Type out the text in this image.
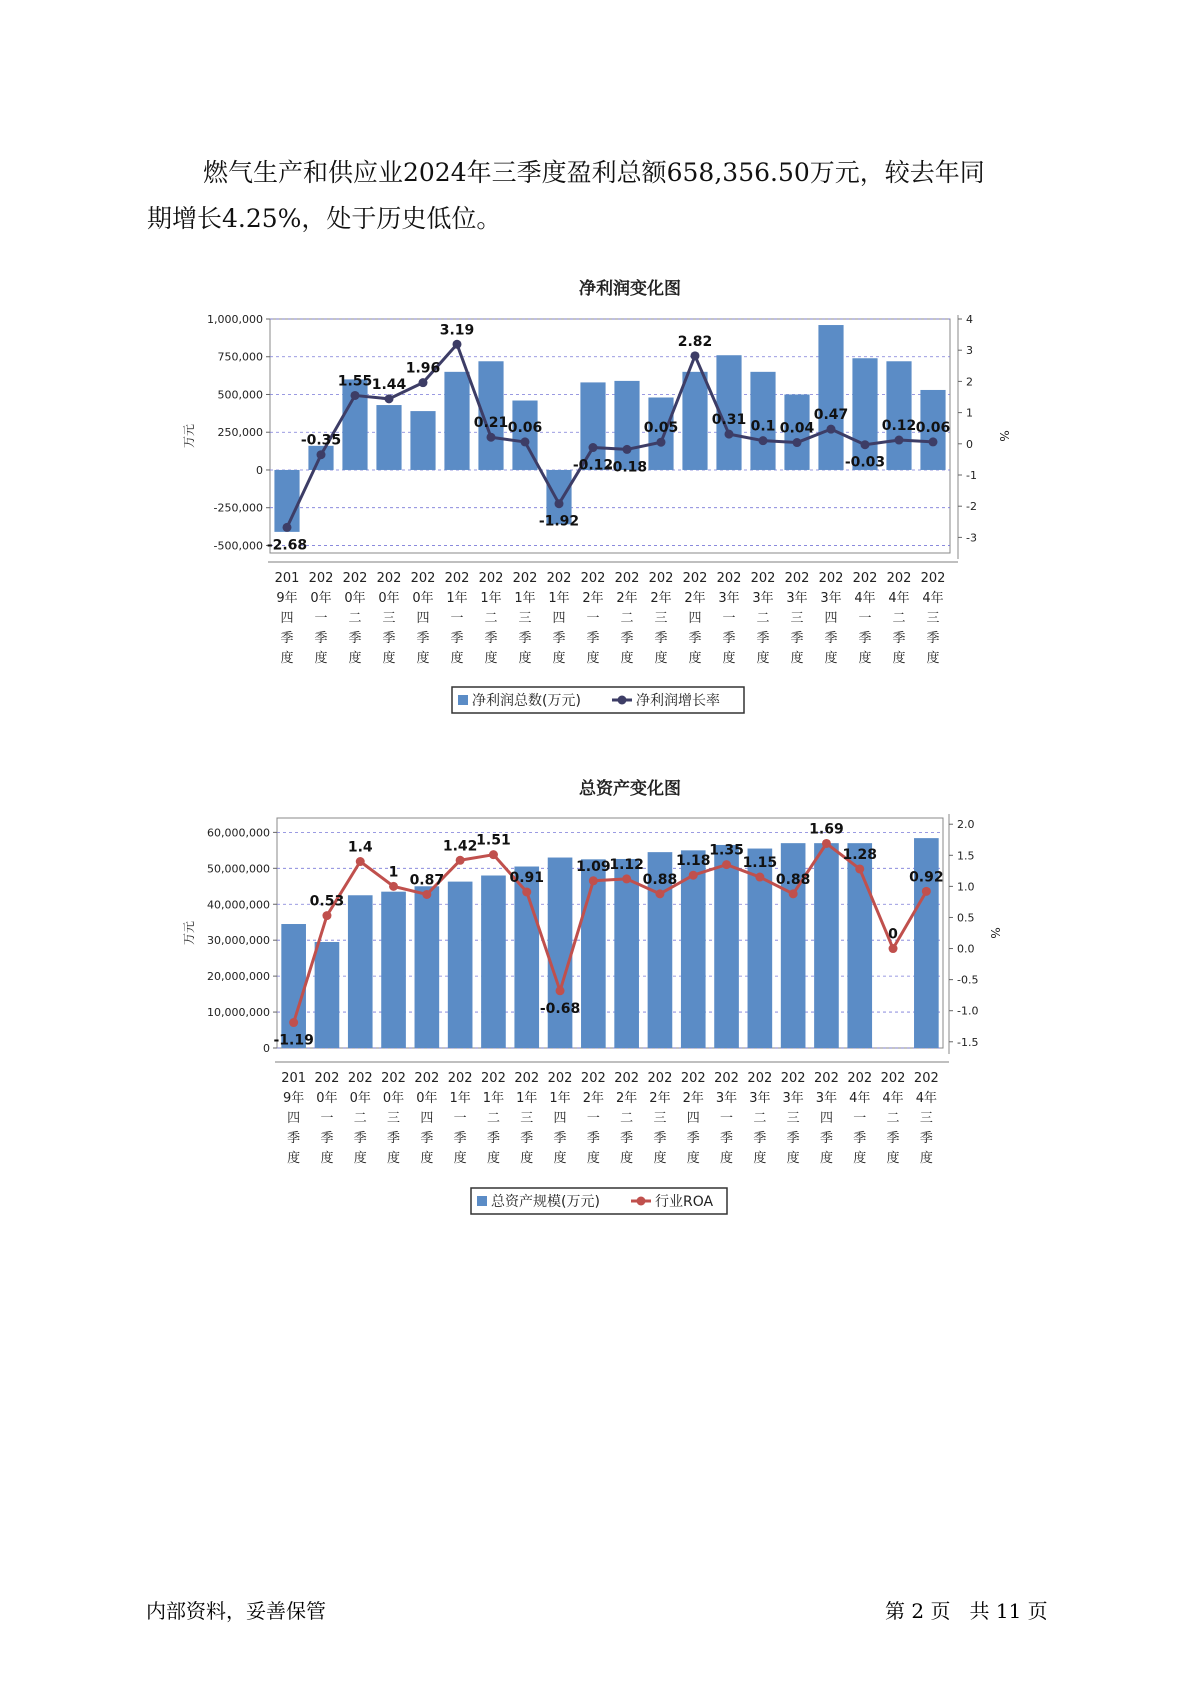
燃气生产和供应业2024年三季度盈利总额658,356.50万元，较去年同
期增长4.25%，处于历史低位。
净利润变化图
1,000,000
750,000
500,000
250,000
0
-250,000
-500,000
4
3
2
1
0
-1
-2
-3
万元	%
201 9年四季度
202 0年一季度
202 0年二季度
202 0年三季度
202 0年四季度
202 1年一季度
202 1年二季度
202 1年三季度
202 1年四季度
202 2年一季度
202 2年二季度
202 2年三季度
202 2年四季度
202 3年一季度
202 3年二季度
202 3年三季度
202 3年四季度
202 4年一季度
202 4年二季度
202 4年三季度
-2.68
-0.35
1.55 1.44
1.96
3.19
0.21 0.06
-1.92
-0.12
-0.18
0.05
2.82
0.31 0.1 0.04
0.47
-0.03
0.12 0.06
净利润总数(万元)	净利润增长率
总资产变化图
60,000,000
50,000,000
40,000,000
30,000,000
20,000,000
10,000,000
0
2.0
1.5
1.0
0.5
0.0
-0.5
-1.0
-1.5
万元	%
201 9年四季度
202 0年一季度
202 0年二季度
202 0年三季度
202 0年四季度
202 1年一季度
202 1年二季度
202 1年三季度
202 1年四季度
202 2年一季度
202 2年二季度
202 2年三季度
202 2年四季度
202 3年一季度
202 3年二季度
202 3年三季度
202 3年四季度
202 4年一季度
202 4年二季度
202 4年三季度
-1.19
0.53
1.4
1
0.87
1.42
1.51
0.91
-0.68
1.09
1.12
0.88
1.18
1.35
1.15
0.88
1.69
1.28
0
0.92
总资产规模(万元)	行业ROA
内部资料，妥善保管	第 2 页   共 11 页
